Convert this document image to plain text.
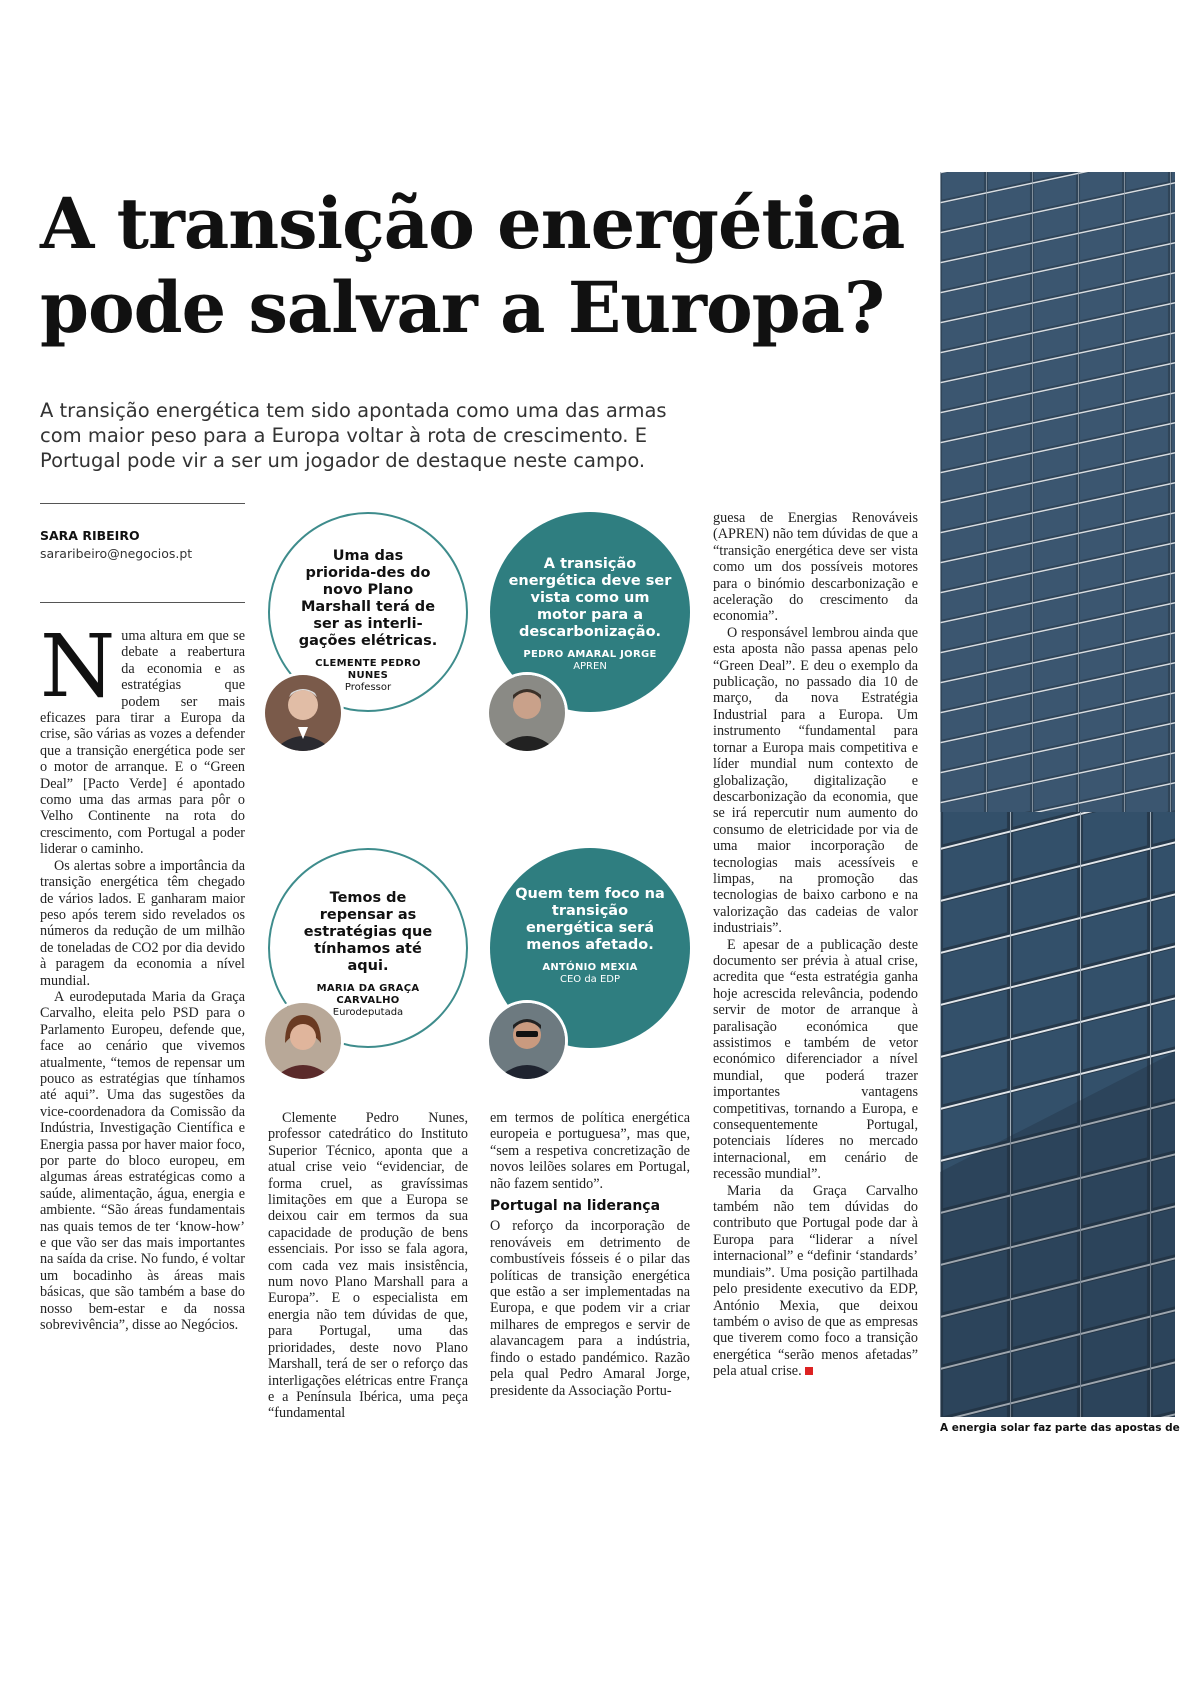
A transição energética
pode salvar a Europa?

A transição energética tem sido apontada como uma das armas com maior peso para a Europa voltar à rota de crescimento. E Portugal pode vir a ser um jogador de destaque neste campo.

SARA RIBEIRO
sararibeiro@negocios.pt

Numa altura em que se debate a reabertura da economia e as estratégias que podem ser mais eficazes para tirar a Europa da crise, são várias as vozes a defender que a transição energética pode ser o motor de arranque. E o “Green Deal” [Pacto Verde] é apontado como uma das armas para pôr o Velho Continente na rota do crescimento, com Portugal a poder liderar o caminho.

Os alertas sobre a importância da transição energética têm chegado de vários lados. E ganharam maior peso após terem sido revelados os números da redução de um milhão de toneladas de CO2 por dia devido à paragem da economia a nível mundial.

A eurodeputada Maria da Graça Carvalho, eleita pelo PSD para o Parlamento Europeu, defende que, face ao cenário que vivemos atualmente, “temos de repensar um pouco as estratégias que tínhamos até aqui”. Uma das sugestões da vice-coordenadora da Comissão da Indústria, Investigação Científica e Energia passa por haver maior foco, por parte do bloco europeu, em algumas áreas estratégicas como a saúde, alimentação, água, energia e ambiente. “São áreas fundamentais nas quais temos de ter ‘know-how’ e que vão ser das mais importantes na saída da crise. No fundo, é voltar um bocadinho às áreas mais básicas, que são também a base do nosso bem-estar e da nossa sobrevivência”, disse ao Negócios.

Clemente Pedro Nunes, professor catedrático do Instituto Superior Técnico, aponta que a atual crise veio “evidenciar, de forma cruel, as gravíssimas limitações em que a Europa se deixou cair em termos da sua capacidade de produção de bens essenciais. Por isso se fala agora, com cada vez mais insistência, num novo Plano Marshall para a Europa”. E o especialista em energia não tem dúvidas de que, para Portugal, uma das prioridades, deste novo Plano Marshall, terá de ser o reforço das interligações elétricas entre França e a Península Ibérica, uma peça “fundamental

em termos de política energética europeia e portuguesa”, mas que, “sem a respetiva concretização de novos leilões solares em Portugal, não fazem sentido”.

Portugal na liderança

O reforço da incorporação de renováveis em detrimento de combustíveis fósseis é o pilar das políticas de transição energética que estão a ser implementadas na Europa, e que podem vir a criar milhares de empregos e servir de alavancagem para a indústria, findo o estado pandémico. Razão pela qual Pedro Amaral Jorge, presidente da Associação Portu-

guesa de Energias Renováveis (APREN) não tem dúvidas de que a “transição energética deve ser vista como um dos possíveis motores para o binómio descarbonização e aceleração do crescimento da economia”.

O responsável lembrou ainda que esta aposta não passa apenas pelo “Green Deal”. E deu o exemplo da publicação, no passado dia 10 de março, da nova Estratégia Industrial para a Europa. Um instrumento “fundamental para tornar a Europa mais competitiva e líder mundial num contexto de globalização, digitalização e descarbonização da economia, que se irá repercutir num aumento do consumo de eletricidade por via de uma maior incorporação de tecnologias mais acessíveis e limpas, na promoção das tecnologias de baixo carbono e na valorização das cadeias de valor industriais”.

E apesar de a publicação deste documento ser prévia à atual crise, acredita que “esta estratégia ganha hoje acrescida relevância, podendo servir de motor de arranque à paralisação económica que assistimos e também de vetor económico diferenciador a nível mundial, que poderá trazer importantes vantagens competitivas, tornando a Europa, e consequentemente Portugal, potenciais líderes no mercado internacional, em cenário de recessão mundial”.

Maria da Graça Carvalho também não tem dúvidas do contributo que Portugal pode dar à Europa para “liderar a nível internacional” e “definir ‘standards’ mundiais”. Uma posição partilhada pelo presidente executivo da EDP, António Mexia, que deixou também o aviso de que as empresas que tiverem como foco a transição energética “serão menos afetadas” pela atual crise.

Uma das priorida-des do novo Plano Marshall terá de ser as interli-gações elétricas.
CLEMENTE PEDRO NUNES
Professor
A transição energética deve ser vista como um motor para a descarbonização.
PEDRO AMARAL JORGE
APREN
Temos de repensar as estratégias que tínhamos até aqui.
MARIA DA GRAÇA CARVALHO
Eurodeputada
Quem tem foco na transição energética será menos afetado.
ANTÓNIO MEXIA
CEO da EDP
A energia solar faz parte das apostas de
